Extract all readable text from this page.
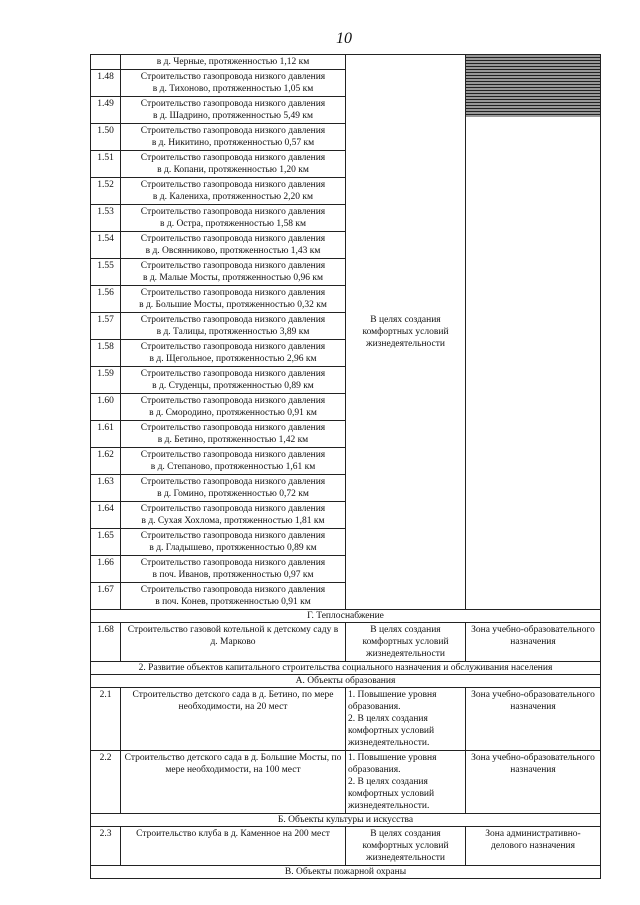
10
	в д. Черные, протяженностью 1,12 км	В целях создания комфортных условий жизнедеятельности	

1.48	Строительство газопровода низкого давления
в д. Тихоново, протяженностью 1,05 км		

1.49	Строительство газопровода низкого давления
в д. Шадрино, протяженностью 5,49 км		

1.50	Строительство газопровода низкого давления
в д. Никитино, протяженностью 0,57 км		

1.51	Строительство газопровода низкого давления
в д. Копани, протяженностью 1,20 км		

1.52	Строительство газопровода низкого давления
в д. Калениха, протяженностью 2,20 км		

1.53	Строительство газопровода низкого давления
в д. Остра, протяженностью 1,58 км		

1.54	Строительство газопровода низкого давления
в д. Овсянниково, протяженностью 1,43 км		

1.55	Строительство газопровода низкого давления
в д. Малые Мосты, протяженностью 0,96 км		

1.56	Строительство газопровода низкого давления
в д. Большие Мосты, протяженностью 0,32 км		

1.57	Строительство газопровода низкого давления
в д. Талицы, протяженностью 3,89 км		

1.58	Строительство газопровода низкого давления
в д. Щегольное, протяженностью 2,96 км		

1.59	Строительство газопровода низкого давления
в д. Студенцы, протяженностью 0,89 км		

1.60	Строительство газопровода низкого давления
в д. Смородино, протяженностью 0,91 км		

1.61	Строительство газопровода низкого давления
в д. Бетино, протяженностью 1,42 км		

1.62	Строительство газопровода низкого давления
в д. Степаново, протяженностью 1,61 км		

1.63	Строительство газопровода низкого давления
в д. Гомино, протяженностью 0,72 км		

1.64	Строительство газопровода низкого давления
в д. Сухая Хохлома, протяженностью 1,81 км		

1.65	Строительство газопровода низкого давления
в д. Гладышево, протяженностью 0,89 км		

1.66	Строительство газопровода низкого давления
в поч. Иванов, протяженностью 0,97 км		

1.67	Строительство газопровода низкого давления
в поч. Конев, протяженностью 0,91 км		

Г. Теплоснабжение			
1.68	Строительство газовой котельной к детскому саду в д. Марково	В целях создания комфортных условий жизнедеятельности	Зона учебно-образовательного назначения
2. Развитие объектов капитального строительства социального назначения и обслуживания населения			
А. Объекты образования			
2.1	Строительство детского сада в д. Бетино, по мере необходимости, на 20 мест	1. Повышение уровня образования.
2. В целях создания комфортных условий жизнедеятельности.	Зона учебно-образовательного назначения
2.2	Строительство детского сада в д. Большие Мосты, по мере необходимости, на 100 мест	1. Повышение уровня образования.
2. В целях создания комфортных условий жизнедеятельности.	Зона учебно-образовательного назначения
Б. Объекты культуры и искусства			
2.3	Строительство клуба в д. Каменное на 200 мест	В целях создания комфортных условий жизнедеятельности	Зона административно-делового назначения
В. Объекты пожарной охраны			
